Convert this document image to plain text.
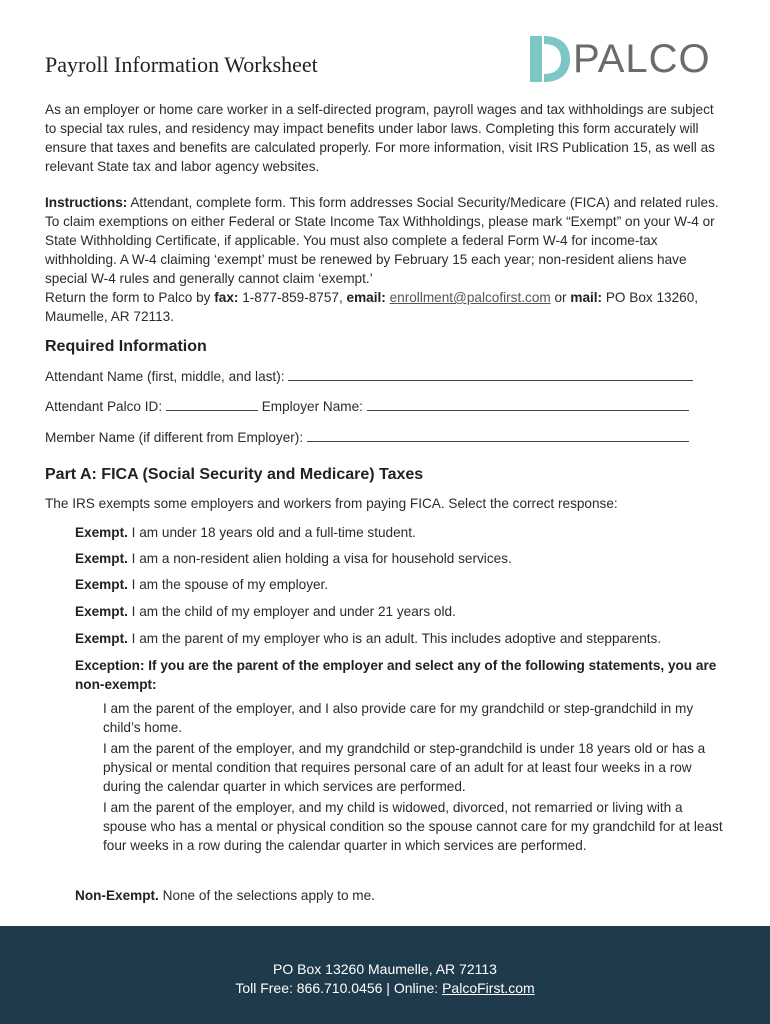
Payroll Information Worksheet	PALCO

As an employer or home care worker in a self-directed program, payroll wages and tax withholdings are subject to special tax rules, and residency may impact benefits under labor laws. Completing this form accurately will ensure that taxes and benefits are calculated properly. For more information, visit IRS Publication 15, as well as relevant State tax and labor agency websites.

Instructions: Attendant, complete form. This form addresses Social Security/Medicare (FICA) and related rules. To claim exemptions on either Federal or State Income Tax Withholdings, please mark “Exempt” on your W-4 or State Withholding Certificate, if applicable. You must also complete a federal Form W-4 for income-tax withholding. A W-4 claiming ‘exempt’ must be renewed by February 15 each year; non-resident aliens have special W-4 rules and generally cannot claim ‘exempt.’
Return the form to Palco by fax: 1-877-859-8757, email: enrollment@palcofirst.com or mail: PO Box 13260, Maumelle, AR 72113.

Required Information
Attendant Name (first, middle, and last):
Attendant Palco ID:	Employer Name:
Member Name (if different from Employer):
Part A: FICA (Social Security and Medicare) Taxes
The IRS exempts some employers and workers from paying FICA. Select the correct response:
Exempt. I am under 18 years old and a full-time student.
Exempt. I am a non-resident alien holding a visa for household services.
Exempt. I am the spouse of my employer.
Exempt. I am the child of my employer and under 21 years old.
Exempt. I am the parent of my employer who is an adult. This includes adoptive and stepparents.
Exception: If you are the parent of the employer and select any of the following statements, you are non-exempt:
I am the parent of the employer, and I also provide care for my grandchild or step-grandchild in my child’s home.
I am the parent of the employer, and my grandchild or step-grandchild is under 18 years old or has a physical or mental condition that requires personal care of an adult for at least four weeks in a row during the calendar quarter in which services are performed.
I am the parent of the employer, and my child is widowed, divorced, not remarried or living with a spouse who has a mental or physical condition so the spouse cannot care for my grandchild for at least four weeks in a row during the calendar quarter in which services are performed.
Non-Exempt. None of the selections apply to me.
PO Box 13260 Maumelle, AR 72113
Toll Free: 866.710.0456 | Online: PalcoFirst.com
